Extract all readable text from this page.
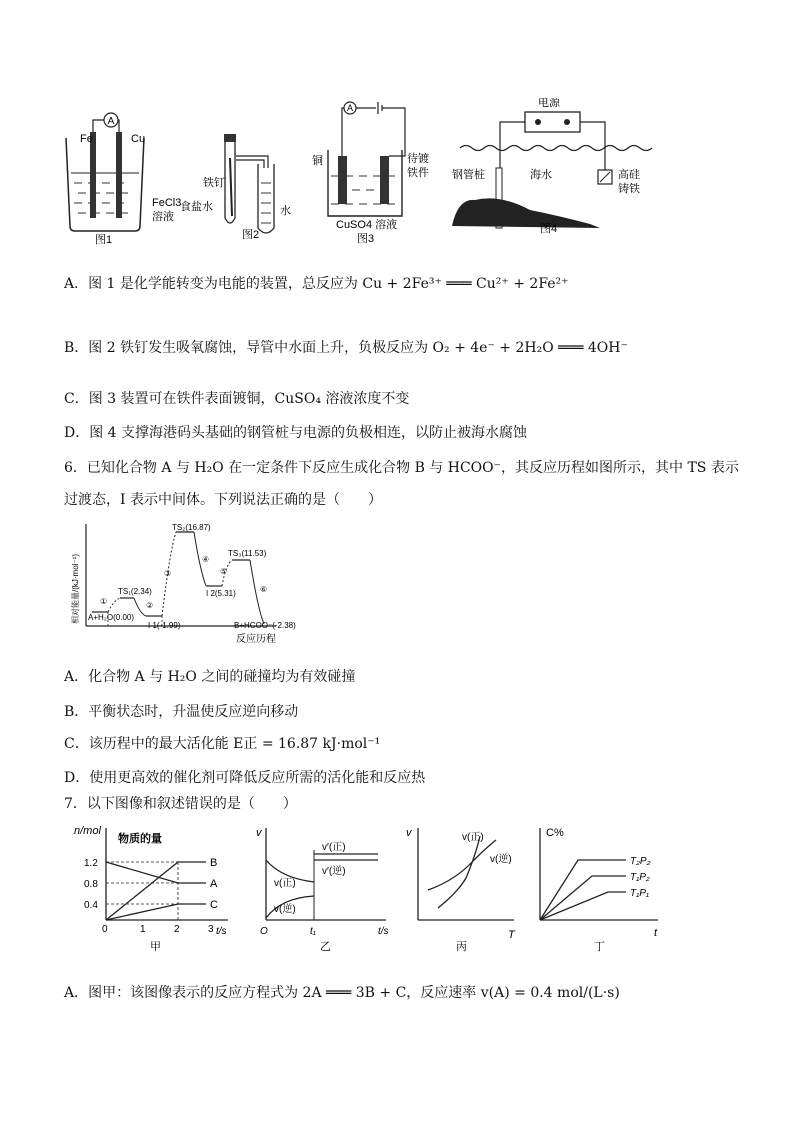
A
Fe	Cu
FeCl3
溶液
图1
铁钉
食盐水	水
图2
A
铜	待镀
铁件
CuSO4 溶液
图3
电源
钢管桩	海水	高硅
铸铁
图4
A．图 1 是化学能转变为电能的装置，总反应为 Cu + 2Fe³⁺ ═══ Cu²⁺ + 2Fe²⁺
B．图 2 铁钉发生吸氧腐蚀，导管中水面上升，负极反应为 O₂ + 4e⁻ + 2H₂O ═══ 4OH⁻
C．图 3 装置可在铁件表面镀铜，CuSO₄ 溶液浓度不变
D．图 4 支撑海港码头基础的钢管桩与电源的负极相连，以防止被海水腐蚀
6．已知化合物 A 与 H₂O 在一定条件下反应生成化合物 B 与 HCOO⁻，其反应历程如图所示，其中 TS 表示
过渡态，I 表示中间体。下列说法正确的是（　　）
相对能量/(kJ·mol⁻¹)
反应历程
A+H₂O(0.00)
TS₁(2.34)
I 1(-1.99)
TS₂(16.87)
I 2(5.31)
TS₃(11.53)
B+HCOO⁻(-2.38)
①	②
③
④
⑤
⑥
A．化合物 A 与 H₂O 之间的碰撞均为有效碰撞
B．平衡状态时，升温使反应逆向移动
C．该历程中的最大活化能 E正 = 16.87 kJ·mol⁻¹
D．使用更高效的催化剂可降低反应所需的活化能和反应热
7．以下图像和叙述错误的是（　　）
n/mol
物质的量
t/s
1.2
0.8
0.4
0	1	2	3
B
A
C
甲
v
O	t/s
t₁
v′(正)
v′(逆)
v(正)
v(逆)
乙
v
T
v(正)
v(逆)
丙
C%
t
T₂P₂
T₁P₂
T₁P₁
丁
A．图甲：该图像表示的反应方程式为 2A ═══ 3B + C，反应速率 v(A) = 0.4 mol/(L·s)
